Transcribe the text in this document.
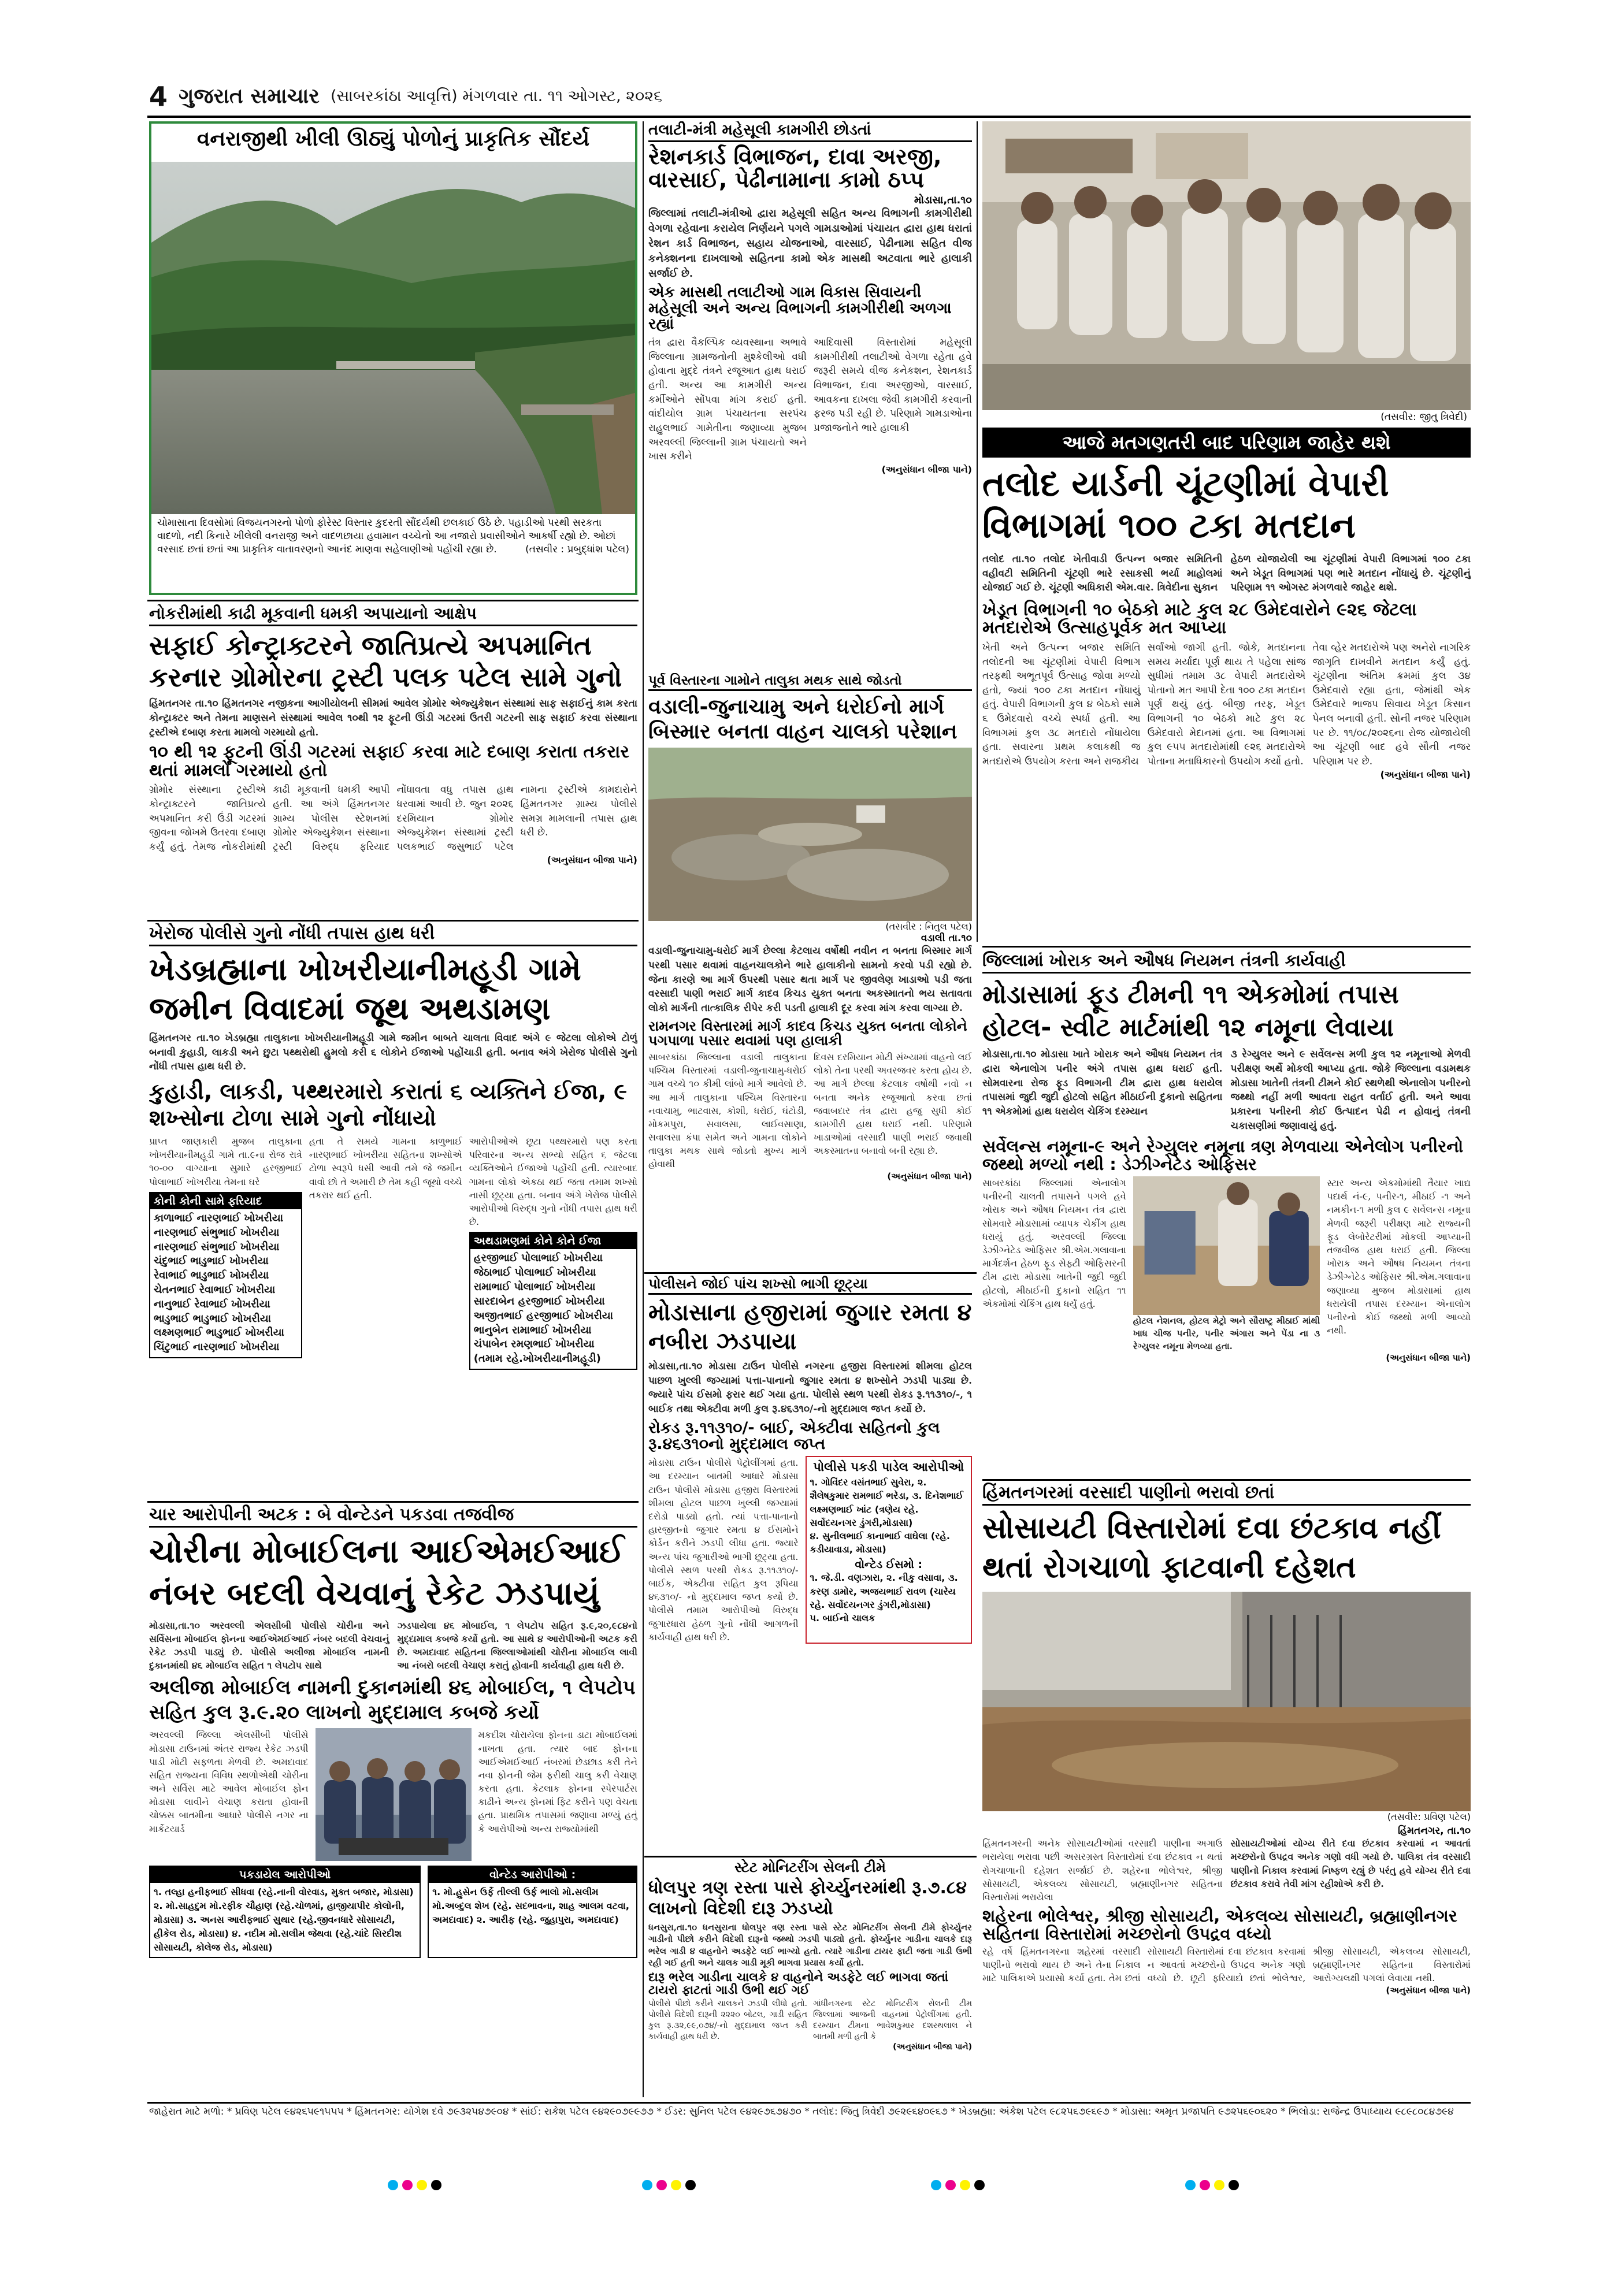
4 ગુજરાત સમાચાર (સાબરકાંઠા આવૃત્તિ) મંગળવાર તા. ૧૧ ઓગસ્ટ, ૨૦૨૬
વનરાજીથી ખીલી ઊઠ્યું પોળોનું પ્રાકૃતિક સૌંદર્ય
ચોમાસાના દિવસોમાં વિજયનગરનો પોળો ફોરેસ્ટ વિસ્તાર કુદરતી સૌંદર્યથી છલકાઈ ઉઠે છે. પહાડીઓ પરથી સરકતા વાદળો, નદી કિનારે ખીલેલી વનરાજી અને વાદળછાયા હવામાન વચ્ચેનો આ નજારો પ્રવાસીઓને આકર્ષી રહ્યો છે. ઓછાં વરસાદ છતાં છતાં આ પ્રાકૃતિક વાતાવરણનો આનંદ માણવા સહેલાણીઓ પહોંચી રહ્યા છે.	(તસવીર : પ્રબુદ્ધાંશ પટેલ)
તલાટી-મંત્રી મહેસૂલી કામગીરી છોડતાં
રેશનકાર્ડ વિભાજન, દાવા અરજી, વારસાઈ, પેઢીનામાના કામો ઠપ્પ
મોડાસા,તા.૧૦
જિલ્લામાં તલાટી-મંત્રીઓ દ્વારા મહેસૂલી સહિત અન્ય વિભાગની કામગીરીથી વેગળા રહેવાના કરાયેલ નિર્ણયને પગલે ગામડાઓમાં પંચાયત દ્વારા હાથ ધરાતાં રેશન કાર્ડ વિભાજન, સહાય યોજનાઓ, વારસાઈ, પેઢીનામા સહિત વીજ કનેક્શનના દાખલાઓ સહિતના કામો એક માસથી અટવાતા ભારે હાલાકી સર્જાઈ છે.
એક માસથી તલાટીઓ ગામ વિકાસ સિવાયની મહેસૂલી અને અન્ય વિભાગની કામગીરીથી અળગા રહ્યાં
તંત્ર દ્વારા વૈકલ્પિક વ્યવસ્થાના અભાવે જિલ્લાના ગ્રામજનોની મુશ્કેલીઓ વધી હોવાના મુદ્દે તંત્રને રજૂઆત હાથ ધરાઈ હતી. અન્ય આ કામગીરી અન્ય કર્મીઓને સોંપવા માંગ કરાઈ હતી. વાંદીયોલ ગ્રામ પંચાયતના સરપંચ રાહુલભાઈ ગામેતીના જણાવ્યા મુજબ અરવલ્લી જિલ્લાની ગ્રામ પંચાયતો અને ખાસ કરીને
આદિવાસી વિસ્તારોમાં મહેસૂલી કામગીરીથી તલાટીઓ વેગળા રહેતા હવે જરૂરી સમયે વીજ કનેકશન, રેશનકાર્ડ વિભાજન, દાવા અરજીઓ, વારસાઈ, આવકના દાખલા જેવી કામગીરી કરવાની ફરજ પડી રહી છે. પરિણામે ગામડાઓના પ્રજાજનોને ભારે હાલાકી
(અનુસંધાન બીજા પાને)
(તસવીર: જીતુ ત્રિવેદી)
આજે મતગણતરી બાદ પરિણામ જાહેર થશે
તલોદ યાર્ડની ચૂંટણીમાં વેપારી વિભાગમાં ૧૦૦ ટકા મતદાન
તલોદ તા.૧૦ તલોદ ખેતીવાડી ઉત્પન્ન બજાર સમિતિની વહીવટી સમિતિની ચૂંટણી ભારે રસાકસી ભર્યા માહોલમાં યોજાઈ ગઈ છે. ચૂંટણી અધિકારી એમ.વાર. ત્રિવેદીના સુકાન
હેઠળ યોજાયેલી આ ચૂંટણીમાં વેપારી વિભાગમાં ૧૦૦ ટકા અને ખેડૂત વિભાગમાં પણ ભારે મતદાન નોંધાયું છે. ચૂંટણીનું પરિણામ ૧૧ ઓગસ્ટ મંગળવારે જાહેર થશે.
ખેડૂત વિભાગની ૧૦ બેઠકો માટે કુલ ૨૮ ઉમેદવારોને ૯૨૬ જેટલા મતદારોએ ઉત્સાહપૂર્વક મત આપ્યા
ખેતી અને ઉત્પન્ન બજાર સમિતિ તલોદની આ ચૂંટણીમાં વેપારી વિભાગ તરફથી અભૂતપૂર્વ ઉત્સાહ જોવા મળ્યો હતો, જ્યાં ૧૦૦ ટકા મતદાન નોંધાયું હતું. વેપારી વિભાગની કુલ ૪ બેઠકો સામે ૬ ઉમેદવારો વચ્ચે સ્પર્ધા હતી. આ વિભાગમાં કુલ ૩૮ મતદારો નોંધાયેલા હતા. સવારના પ્રથમ કલાકથી જ મતદારોએ ઉપયોગ કરતા અને રાજકીય
સર્વાંઓ જાગી હતી. જોકે, મતદાનના સમય મર્યાદા પૂર્ણ થાય તે પહેલા સાંજ સુધીમાં તમામ ૩૮ વેપારી મતદારોએ પોતાનો મત આપી દેતા ૧૦૦ ટકા મતદાન પૂર્ણ થયું હતું. બીજી તરફ, ખેડૂત વિભાગની ૧૦ બેઠકો માટે કુલ ૨૮ ઉમેદવારો મેદાનમાં હતા. આ વિભાગમાં કુલ ૯૫૫ મતદારોમાંથી ૯૨૬ મતદારોએ પોતાના મતાધિકારનો ઉપયોગ કર્યો હતો.
તેવા વ્હેર મતદારોએ પણ અનેરો નાગરિક જાગૃતિ દાખવીને મતદાન કર્યું હતું. ચૂંટણીના અંતિમ ક્રમમાં કુલ ૩૪ ઉમેદવારો રહ્યા હતા, જેમાંથી એક ઉમેદવારે ભાજપ સિવાય ખેડૂત કિસાન પેનલ બનાવી હતી. સોની નજર પરિણામ પર છે. ૧૧/૦૮/૨૦૨૬ના રોજ યોજાયેલી આ ચૂંટણી બાદ હવે સૌની નજર પરિણામ પર છે.
(અનુસંધાન બીજા પાને)
નોકરીમાંથી કાઢી મૂકવાની ધમકી અપાયાનો આક્ષેપ
સફાઈ કોન્ટ્રાક્ટરને જાતિપ્રત્યે અપમાનિત કરનાર ગ્રોમોરના ટ્રસ્ટી પલક પટેલ સામે ગુનો
હિંમતનગર તા.૧૦ હિંમતનગર નજીકના આગીયોલની સીમમાં આવેલ ગ્રોમોર એજ્યુકેશન સંસ્થામાં સાફ સફાઈનું કામ કરતા કોન્ટ્રાક્ટર અને તેમના માણસને સંસ્થામાં આવેલ ૧૦થી ૧૨ ફૂટની ઊંડી ગટરમાં ઉતરી ગટરની સાફ સફાઈ કરવા સંસ્થાના ટ્રસ્ટીએ દબાણ કરતા મામલો ગરમાયો હતો.
૧૦ થી ૧૨ ફૂટની ઊંડી ગટરમાં સફાઈ કરવા માટે દબાણ કરાતા તકરાર થતાં મામલો ગરમાયો હતો
ગ્રોમોર સંસ્થાના ટ્રસ્ટીએ કોન્ટ્રાક્ટરને જાતિપ્રત્યે અપમાનિત કરી ઉંડી ગટરમાં જીવના જોખમે ઉતરવા દબાણ કર્યું હતું. તેમજ નોકરીમાંથી કાઢી મૂકવાની ધમકી આપી હતી. આ અંગે હિંમતનગર ગ્રામ્ય પોલીસ સ્ટેશનમાં ગ્રોમોર એજ્યુકેશન સંસ્થાના ટ્રસ્ટી વિરુદ્ધ ફરિયાદ નોંધાવતા વધુ તપાસ હાથ ધરવામાં આવી છે. જુન ૨૦૨૬ દરમિયાન ગ્રોમોર એજ્યુકેશન સંસ્થામાં ટ્રસ્ટી પલકભાઈ જસુભાઈ પટેલ નામના ટ્રસ્ટીએ કામદારોને હિંમતનગર ગ્રામ્ય પોલીસે સમગ્ર મામલાની તપાસ હાથ ધરી છે.
(અનુસંધાન બીજા પાને)
પૂર્વ વિસ્તારના ગામોને તાલુકા મથક સાથે જોડતો
વડાલી-જુનાચામુ અને ધરોઈનો માર્ગ બિસ્માર બનતા વાહન ચાલકો પરેશાન
(તસવીર : નિતુલ પટેલ)
વડાલી તા.૧૦
વડાલી-જુનાચામુ-ધરોઈ માર્ગ છેલ્લા કેટલાય વર્ષોથી નવીન ન બનતા બિસ્માર માર્ગ પરથી પસાર થવામાં વાહનચાલકોને ભારે હાલાકીનો સામનો કરવો પડી રહ્યો છે. જેના કારણે આ માર્ગ ઉપરથી પસાર થતા માર્ગ પર જીવલેણ ખાડાઓ પડી જતા વરસાદી પાણી ભરાઈ માર્ગ કાદવ કિચડ યુક્ત બનતા અકસ્માતનો ભય સતાવતા લોકો માર્ગની તાત્કાલિક રીપેર કરી પડતી હાલાકી દૂર કરવા માંગ કરવા લાગ્યા છે.
રામનગર વિસ્તારમાં માર્ગ કાદવ કિચડ યુક્ત બનતા લોકોને પગપાળા પસાર થવામાં પણ હાલાકી
સાબરકાંઠા જિલ્લાના વડાલી તાલુકાના પશ્ચિમ વિસ્તારમાં વડાલી-જુનાચામુ-ધરોઈ ગામ વચ્ચે ૧૦ કીમી લાંબો માર્ગ આવેલો છે. આ માર્ગ તાલુકાના પશ્ચિમ વિસ્તારના નવાચામુ, ભાટવાસ, કોશી, ધરોઈ, ઘંટોડી, મોકમપુરા, સવાલસા, લાઈવસાણા, સવાલસા કંપા સમેત અને ગામના લોકોને તાલુકા મથક સાથે જોડતો મુખ્ય માર્ગ હોવાથી
દિવસ દરમિયાન મોટી સંખ્યામાં વાહનો લઈ લોકો તેના પરથી અવરજવર કરતા હોય છે. આ માર્ગ છેલ્લા કેટલાક વર્ષોથી નવો ન બનતા અનેક રજૂઆતો કરવા છતાં જવાબદાર તંત્ર દ્વારા હજુ સુધી કોઈ કામગીરી હાથ ધરાઈ નથી. પરિણામે ખાડાઓમાં વરસાદી પાણી ભરાઈ જવાથી અકસ્માતના બનાવો બની રહ્યા છે.
(અનુસંધાન બીજા પાને)
જિલ્લામાં ખોરાક અને ઔષધ નિયમન તંત્રની કાર્યવાહી
મોડાસામાં ફૂડ ટીમની ૧૧ એકમોમાં તપાસ હોટલ- સ્વીટ માર્ટમાંથી ૧૨ નમૂના લેવાયા
મોડાસા,તા.૧૦ મોડાસા ખાતે ખોરાક અને ઔષધ નિયમન તંત્ર દ્વારા એનાલોગ પનીર અંગે તપાસ હાથ ધરાઈ હતી. સોમવારના રોજ ફૂડ વિભાગની ટીમ દ્વારા હાથ ધરાયેલ તપાસમાં જુદી જુદી હોટલો સહિત મીઠાઈની દુકાનો સહિતના ૧૧ એકમોમાં હાથ ધરાયેલ ચેકિંગ દરમ્યાન
૩ રેગ્યુલર અને ૯ સર્વેલન્સ મળી કુલ ૧૨ નમૂનાઓ મેળવી પરીક્ષણ અર્થે મોકલી આપ્યા હતા. જોકે જિલ્લાના વડામથક મોડાસા ખાતેની તંત્રની ટીમને કોઈ સ્થળેથી એનાલોગ પનીરનો જથ્થો નહીં મળી આવતા રાહત વર્તાઈ હતી. અને આવા પ્રકારના પનીરની કોઈ ઉત્પાદન પેઢી ન હોવાનું તંત્રની ચકાસણીમાં જણાવાયું હતું.
સર્વેલન્સ નમૂના-૯ અને રેગ્યુલર નમૂના ત્રણ મેળવાયા એનેલોગ પનીરનો જથ્થો મળ્યો નથી : ડેઝીગ્નેટેડ ઓફિસર
સાબરકાંઠા જિલ્લામાં એનાલોગ પનીરની ચાલતી તપાસને પગલે હવે ખોરાક અને ઔષધ નિયમન તંત્ર દ્વારા સોમવારે મોડાસામાં વ્યાપક ચેકીંગ હાથ ધરાયું હતું. અરવલ્લી જિલ્લા ડેઝીગ્નેટેડ ઓફિસર શ્રી.એમ.ગલાવાના માર્ગદર્શન હેઠળ ફૂડ સેફ્ટી ઓફિસરની ટીમ દ્વારા મોડાસા ખાતેની જુદી જુદી હોટલો, મીઠાઈની દુકાનો સહિત ૧૧ એકમોમાં ચેકિંગ હાથ ધર્યું હતું.
હોટલ નેશનલ, હોટલ મેટ્રો અને સૌરાષ્ટ્ર મીઠાઈ માંથી ખાધ ચીજ પનીર, પનીર અંગારા અને પેંડા ના ૩ રેગ્યુલર નમૂના મેળવ્યા હતા.
સ્ટાર અન્ય એકમોમાંથી તૈયાર ખાદ્ય પદાર્થ નં-૯, પનીર-૧, મીઠાઈ -૧ અને નમકીન-૧ મળી કુલ ૯ સર્વેલન્સ નમૂના મેળવી જરૂરી પરીક્ષણ માટે રાજ્યની ફૂડ લેબોરેટરીમાં મોકલી આપ્યાની તજવીજ હાથ ધરાઈ હતી. જિલ્લા ખોરાક અને ઔષધ નિયમન તંત્રના ડેઝીગ્નેટેડ ઓફિસર શ્રી.એમ.ગલાવાના જણાવ્યા મુજબ મોડાસામાં હાથ ધરાયેલી તપાસ દરમ્યાન એનાલોગ પનીરનો કોઈ જથ્થો મળી આવ્યો નથી.
(અનુસંધાન બીજા પાને)
ખેરોજ પોલીસે ગુનો નોંધી તપાસ હાથ ધરી
ખેડબ્રહ્માના ખોખરીયાનીમહૂડી ગામે જમીન વિવાદમાં જૂથ અથડામણ
હિંમતનગર તા.૧૦ ખેડબ્રહ્મા તાલુકાના ખોખરીયાનીમહૂડી ગામે જમીન બાબતે ચાલતા વિવાદ અંગે ૯ જેટલા લોકોએ ટોળું બનાવી કુહાડી, લાકડી અને છુટા પથ્થરોથી હુમલો કરી ૬ લોકોને ઈજાઓ પહોંચાડી હતી. બનાવ અંગે ખેરોજ પોલીસે ગુનો નોંધી તપાસ હાથ ધરી છે.
કુહાડી, લાકડી, પથ્થરમારો કરાતાં ૬ વ્યક્તિને ઈજા, ૯ શખ્સોના ટોળા સામે ગુનો નોંધાયો
પ્રાપ્ત જાણકારી મુજબ તાલુકાના ખોખરીયાનીમહૂડી ગામે તા.૯ના રોજ રાત્રે ૧૦-૦૦ વાગ્યાના સુમારે હરજીભાઈ પોલાભાઈ ખોખરીયા તેમના ઘરે
કોની કોની સામે ફરિયાદ
કાળાભાઈ નારણભાઈ ખોખરીયા
નારણભાઈ સંભુભાઈ ખોખરીયા
નારણભાઈ સંભુભાઈ ખોખરીયા
ચંદુભાઈ ભાડુભાઈ ખોખરીયા
રેવાભાઈ ભાડુભાઈ ખોખરીયા
ચેતનભાઈ રેવાભાઈ ખોખરીયા
નાનુભાઈ રેવાભાઈ ખોખરીયા
ભાડુભાઈ ભાડુભાઈ ખોખરીયા
લક્ષ્મણભાઈ ભાડુભાઈ ખોખરીયા
ચિંટુભાઈ નારણભાઈ ખોખરીયા
હતા તે સમયે ગામના કાળુભાઈ નારણભાઈ ખોખરીયા સહિતના શખ્સોએ ટોળા સ્વરૂપે ધસી આવી તમે જે જમીન વાવો છો તે અમારી છે તેમ કહી જૂથો વચ્ચે તકરાર થઈ હતી.
આરોપીઓએ છૂટા પથ્થરમારો પણ કરતા પરિવારના અન્ય સભ્યો સહિત ૬ જેટલા વ્યક્તિઓને ઈજાઓ પહોંચી હતી. ત્યારબાદ ગામના લોકો એકઠા થઈ જતા તમામ શખ્સો નાસી છૂટ્યા હતા. બનાવ અંગે ખેરોજ પોલીસે આરોપીઓ વિરુદ્ધ ગુનો નોંધી તપાસ હાથ ધરી છે.
અથડામણમાં કોને કોને ઈજા
હરજીભાઈ પોલાભાઈ ખોખરીયા
જેઠાભાઈ પોલાભાઈ ખોખરીયા
રામાભાઈ પોલાભાઈ ખોખરીયા
સારદાબેન હરજીભાઈ ખોખરીયા
અજીતભાઈ હરજીભાઈ ખોખરીયા
ભાનુબેન રામાભાઈ ખોખરીયા
ચંપાબેન રમણભાઈ ખોખરીયા
(તમામ રહે.ખોખરીયાનીમહૂડી)
પોલીસને જોઈ પાંચ શખ્સો ભાગી છૂટ્યા
મોડાસાના હજીરામાં જુગાર રમતા ૪ નબીરા ઝડપાયા
મોડાસા,તા.૧૦ મોડાસા ટાઉન પોલીસે નગરના હજીરા વિસ્તારમાં શીમલા હોટલ પાછળ ખુલ્લી જગ્યામાં પત્તા-પાનાનો જુગાર રમતા ૪ શખ્સોને ઝડપી પાડ્યા છે. જ્યારે પાંચ ઈસમો ફરાર થઈ ગયા હતા. પોલીસે સ્થળ પરથી રોકડ રૂ.૧૧૩૧૦/-, ૧ બાઈક તથા એક્ટીવા મળી કુલ રૂ.૪૬૩૧૦/-નો મુદ્દામાલ જપ્ત કર્યો છે.
રોકડ રૂ.૧૧૩૧૦/- બાઈ, એક્ટીવા સહિતનો કુલ રૂ.૪૬૩૧૦નો મુદ્દામાલ જપ્ત
મોડાસા ટાઉન પોલીસે પેટ્રોલીંગમાં હતા. આ દરમ્યાન બાતમી આધારે મોડાસા ટાઉન પોલીસે મોડાસા હજીરા વિસ્તારમાં શીમલા હોટલ પાછળ ખુલ્લી જગ્યામાં દરોડો પાડ્યો હતો. ત્યાં પત્તા-પાનાનો હારજીતનો જુગાર રમતા ૪ ઈસમોને કોર્ડન કરીને ઝડપી લીધા હતા. જ્યારે અન્ય પાંચ જુગારીઓ ભાગી છૂટ્યા હતા. પોલીસે સ્થળ પરથી રોકડ રૂ.૧૧૩૧૦/-બાઈક, એક્ટીવા સહિત કુલ રૂપિયા ૪૬૩૧૦/- નો મુદ્દામાલ જપ્ત કર્યો છે. પોલીસે તમામ આરોપીઓ વિરુદ્ધ જુગારધારા હેઠળ ગુનો નોંધી આગળની કાર્યવાહી હાથ ધરી છે.
પોલીસે પકડી પાડેલ આરોપીઓ
૧. ગોવિંદર વસંતભાઈ સુવેરા, ૨. શૈલેષકુમાર રામભાઈ ભરેડા, ૩. દિનેશભાઈ લક્ષ્મણભાઈ ખાંટ (ત્રણેય રહે. સર્વોદયનગર ડુંગરી,મોડાસા)
૪. સુનીલભાઈ કાનાભાઈ વાઘેલા (રહે. કડીયાવાડા, મોડાસા)
વોન્ટેડ ઈસમો :
૧. જે.ડી. વણઝારા, ૨. નીકુ વસાવા, ૩. કરણ ડામોર, અજયભાઈ રાવળ (ચારેય રહે. સર્વોદયનગર ડુંગરી,મોડાસા)
૫. બાઈનો ચાલક
હિંમતનગરમાં વરસાદી પાણીનો ભરાવો છતાં
સોસાયટી વિસ્તારોમાં દવા છંટકાવ નહીં થતાં રોગચાળો ફાટવાની દહેશત
(તસવીર: પ્રવિણ પટેલ)
હિંમતનગર, તા.૧૦
હિંમતનગરની અનેક સોસાયટીઓમાં વરસાદી પાણીના અગાઉ ભરાયેલા ભરાવા પછી અસરગ્રસ્ત વિસ્તારોમાં દવા છંટકાવ ન થતાં રોગચાળાની દહેશત સર્જાઈ છે. શહેરના ભોલેશ્વર, શ્રીજી સોસાયટી, એકલવ્ય સોસાયટી, બ્રહ્માણીનગર સહિતના વિસ્તારોમાં ભરાયેલા
સોસાયટીઓમાં યોગ્ય રીતે દવા છંટકાવ કરવામાં ન આવતાં મચ્છરોનો ઉપદ્રવ અનેક ગણો વધી ગયો છે. પાલિકા તંત્ર વરસાદી પાણીનો નિકાલ કરવામાં નિષ્ફળ રહ્યું છે પરંતુ હવે યોગ્ય રીતે દવા છંટકાવ કરાવે તેવી માંગ રહીશોએ કરી છે.
શહેરના ભોલેશ્વર, શ્રીજી સોસાયટી, એકલવ્ય સોસાયટી, બ્રહ્માણીનગર સહિતના વિસ્તારોમાં મચ્છરોનો ઉપદ્રવ વધ્યો
રહે વર્ષે હિંમતનગરના શહેરમાં વરસાદી પાણીનો ભરાવો થાય છે અને તેના નિકાલ માટે પાલિકાએ પ્રયાસો કર્યા હતા. તેમ છતાં સોસાયટી વિસ્તારોમાં દવા છંટકાવ કરવામાં ન આવતાં મચ્છરોનો ઉપદ્રવ અનેક ગણો વધ્યો છે. છૂટી ફરિયાદો છતાં ભોલેશ્વર, શ્રીજી સોસાયટી, એકલવ્ય સોસાયટી, બ્રહ્માણીનગર સહિતના વિસ્તારોમાં આરોગ્યલક્ષી પગલાં લેવાયા નથી.
(અનુસંધાન બીજા પાને)
ચાર આરોપીની અટક : બે વોન્ટેડને પકડવા તજવીજ
ચોરીના મોબાઈલના આઈએમઈઆઈ નંબર બદલી વેચવાનું રેકેટ ઝડપાયું
મોડાસા,તા.૧૦ અરવલ્લી એલસીબી પોલીસે ચોરીના અને સર્વિસના મોબાઈલ ફોનના આઈએમઈઆઈ નંબર બદલી વેચવાનું રેકેટ ઝડપી પાડ્યું છે. પોલીસે અલીજા મોબાઈલ નામની દુકાનમાંથી ૪૬ મોબાઈલ સહિત ૧ લેપટોપ સાથે
ઝડપાયેલા ૪૬ મોબાઈલ, ૧ લેપટોપ સહિત રૂ.૯,૨૦,૯૮૪નો મુદ્દામાલ કબજે કર્યો હતો. આ સાથે ૪ આરોપીઓની અટક કરી છે. અમદાવાદ સહિતના જિલ્લાઓમાંથી ચોરીના મોબાઈલ લાવી આ નંબરો બદલી વેચાણ કરાતું હોવાની કાર્યવાહી હાથ ધરી છે.
અલીજા મોબાઈલ નામની દુકાનમાંથી ૪૬ મોબાઈલ, ૧ લેપટોપ સહિત કુલ રૂ.૯.૨૦ લાખનો મુદ્દામાલ કબજે કર્યો
અરવલ્લી જિલ્લા એલસીબી પોલીસે મોડાસા ટાઉનમાં અંતર રાજ્ય રેકેટ ઝડપી પાડી મોટી સફળતા મેળવી છે. અમદાવાદ સહિત રાજ્યના વિવિધ સ્થળોએથી ચોરીના અને સર્વિસ માટે આવેલ મોબાઈલ ફોન મોડાસા લાવીને વેચાણ કરાતા હોવાની ચોક્કસ બાતમીના આધારે પોલીસે નગર ના માર્કેટયાર્ડ
મકદીશ ચોરાયેલા ફોનના ડાટા મોબાઈલમાં નાખતા હતા. ત્યાર બાદ ફોનના આઈએમઈઆઈ નંબરમાં છેડછાડ કરી તેને નવા ફોનની જેમ ફરીથી ચાલુ કરી વેચાણ કરતા હતા. કેટલાક ફોનના સ્પેરપાર્ટસ કાઢીને અન્ય ફોનમાં ફિટ કરીને પણ વેચતા હતા. પ્રાથમિક તપાસમાં જણાવા મળ્યું હતું કે આરોપીઓ અન્ય રાજ્યોમાંથી
પકડાયેલ આરોપીઓ
૧. તલ્હા હનીફભાઈ સીધવા (રહે.નાની વોરવાડ, મુક્ત બજાર, મોડાસા) ૨. મો.સાહદુમ મો.રફીક ચૌહાણ (રહે.ચોળમાં, હાજીયાપીર કોલોની, મોડાસા) ૩. અનસ આરીફભાઈ સુથાર (રહે.જીવનધારે સોસાયટી, હીકેલ રોડ, મોડાસા) ૪. નદીમ મો.સલીમ જેથવા (રહે.ચાંદે સિરદીશ સોસાયટી, કોલેજ રોડ, મોડાસા)
વોન્ટેડ આરોપીઓ :
૧. મો.હુસેન ઉર્ફે તીલ્લી ઉર્ફ ભાલો મો.સલીમ મો.અબ્દુલ શેખ (રહે. સદભાવના, શાહ આલમ વટવા, અમદાવાદ) ૨. આરીફ (રહે. જુહાપુરા, અમદાવાદ)
સ્ટેટ મોનિટરીંગ સેલની ટીમે
ધોલપુર ત્રણ રસ્તા પાસે ફોર્ચ્યુનરમાંથી રૂ.૭.૮૪ લાખનો વિદેશી દારૂ ઝડપ્યો
ધનસુરા,તા.૧૦ ધનસુરાના ધોલપુર ત્રણ રસ્તા પાસે સ્ટેટ મોનિટરીંગ સેલની ટીમે ફોર્ચ્યુનર ગાડીનો પીછો કરીને વિદેશી દારૂનો જથ્થો ઝડપી પાડ્યો હતો. ફોર્ચ્યુનર ગાડીના ચાલકે દારૂ ભરેલ ગાડી ૪ વાહનોને અડફેટે લઈ ભાગ્યો હતો. ત્યારે ગાડીના ટાયર ફાટી જતા ગાડી ઉભી રહી ગઈ હતી અને ચાલક ગાડી મૂકી ભાગવા પ્રયાસ કર્યો હતો.
દારૂ ભરેલ ગાડીના ચાલકે ૪ વાહનોને અડફેટે લઈ ભાગવા જતાં ટાયરો ફાટતાં ગાડી ઉભી થઈ ગઈ
પોલીસે પીછો કરીને ચાલકને ઝડપી લીધો હતો. પોલીસે વિદેશી દારૂની ૨૨૨૦ બોટલ, ગાડી સહિત કુલ રૂ.૩૨,૯૯,૦૭૪/-નો મુદ્દામાલ જપ્ત કરી કાર્યવાહી હાથ ધરી છે.
ગાંધીનગરના સ્ટેટ મોનિટરીંગ સેલની ટીમ જિલ્લામાં આજની વાહનમાં પેટ્રોલીંગમાં હતી. દરમ્યાન ટીમના ભાવેશકુમાર દશરથલાલ ને બાતમી મળી હતી કે
(અનુસંધાન બીજા પાને)
જાહેરાત માટે મળો: * પ્રવિણ પટેલ ૯૪૨૬૫૯૧૫૫૫ * હિંમતનગર: યોગેશ દવે ૭૯૩૨૫૪૭૯૦૪ * સાંઈ: રાકેશ પટેલ ૯૪૨૯૦૭૯૯૭૭ * ઈડર: સુનિલ પટેલ ૯૪૨૯૭૬૭૪૭૦ * તલોદ: જિતુ ત્રિવેદી ૭૯૨૯૬૪૦૯૬૭ * ખેડબ્રહ્મા: અંકેશ પટેલ ૯૮૨૫૬૭૯૬૯૭ * મોડાસા: અમૃત પ્રજાપતિ ૯૭૨૫૬૯૦૬૨૦ * ભિલોડા: રાજેન્દ્ર ઉપાધ્યાય ૯૮૯૮૦૮૪૭૯૪
